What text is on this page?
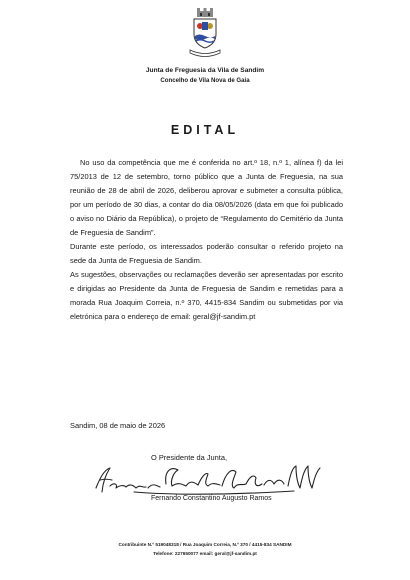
Junta de Freguesia da Vila de Sandim
Concelho de Vila Nova de Gaia
EDITAL

No uso da competência que me é conferida no art.º 18, n.º 1, alínea f) da lei 75/2013 de 12 de setembro, torno público que a Junta de Freguesia, na sua reunião de 28 de abril de 2026, deliberou aprovar e submeter a consulta pública, por um período de 30 dias, a contar do dia 08/05/2026 (data em que foi publicado o aviso no Diário da República), o projeto de “Regulamento do Cemitério da Junta de Freguesia de Sandim”.

Durante este período, os interessados poderão consultar o referido projeto na sede da Junta de Freguesia de Sandim.

As sugestões, observações ou reclamações deverão ser apresentadas por escrito e dirigidas ao Presidente da Junta de Freguesia de Sandim e remetidas para a morada Rua Joaquim Correia, n.º 370, 4415-834 Sandim ou submetidas por via eletrónica para o endereço de email: geral@jf-sandim.pt

Sandim, 08 de maio de 2026
O Presidente da Junta,
Fernando Constantino Augusto Ramos
Contribuinte N.º 519048318 / Rua Joaquim Correia, N.º 370 / 4415-834 SANDIM
Telefone: 227650077 email: geral@jf-sandim.pt
